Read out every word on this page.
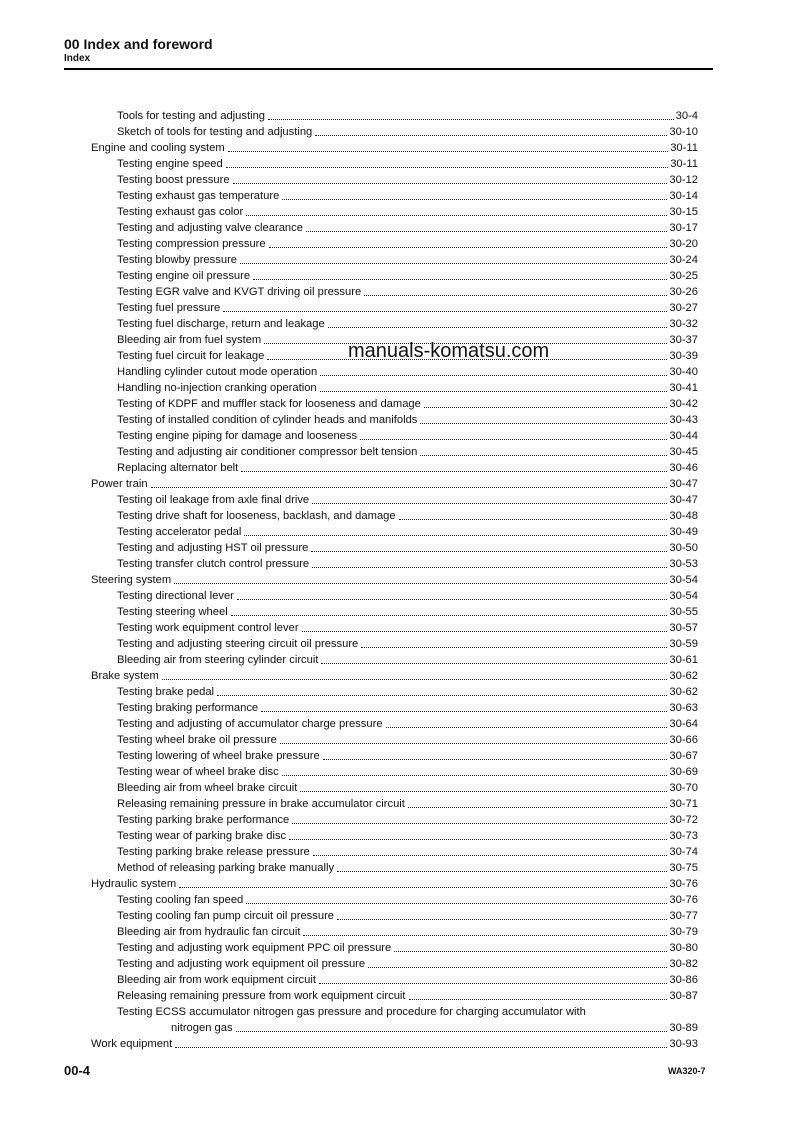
00 Index and foreword
Index
Tools for testing and adjusting	30-4
Sketch of tools for testing and adjusting	30-10
Engine and cooling system	30-11
Testing engine speed	30-11
Testing boost pressure	30-12
Testing exhaust gas temperature	30-14
Testing exhaust gas color	30-15
Testing and adjusting valve clearance	30-17
Testing compression pressure	30-20
Testing blowby pressure	30-24
Testing engine oil pressure	30-25
Testing EGR valve and KVGT driving oil pressure	30-26
Testing fuel pressure	30-27
Testing fuel discharge, return and leakage	30-32
Bleeding air from fuel system	30-37
Testing fuel circuit for leakage	30-39
Handling cylinder cutout mode operation	30-40
Handling no-injection cranking operation	30-41
Testing of KDPF and muffler stack for looseness and damage	30-42
Testing of installed condition of cylinder heads and manifolds	30-43
Testing engine piping for damage and looseness	30-44
Testing and adjusting air conditioner compressor belt tension	30-45
Replacing alternator belt	30-46
Power train	30-47
Testing oil leakage from axle final drive	30-47
Testing drive shaft for looseness, backlash, and damage	30-48
Testing accelerator pedal	30-49
Testing and adjusting HST oil pressure	30-50
Testing transfer clutch control pressure	30-53
Steering system	30-54
Testing directional lever	30-54
Testing steering wheel	30-55
Testing work equipment control lever	30-57
Testing and adjusting steering circuit oil pressure	30-59
Bleeding air from steering cylinder circuit	30-61
Brake system	30-62
Testing brake pedal	30-62
Testing braking performance	30-63
Testing and adjusting of accumulator charge pressure	30-64
Testing wheel brake oil pressure	30-66
Testing lowering of wheel brake pressure	30-67
Testing wear of wheel brake disc	30-69
Bleeding air from wheel brake circuit	30-70
Releasing remaining pressure in brake accumulator circuit	30-71
Testing parking brake performance	30-72
Testing wear of parking brake disc	30-73
Testing parking brake release pressure	30-74
Method of releasing parking brake manually	30-75
Hydraulic system	30-76
Testing cooling fan speed	30-76
Testing cooling fan pump circuit oil pressure	30-77
Bleeding air from hydraulic fan circuit	30-79
Testing and adjusting work equipment PPC oil pressure	30-80
Testing and adjusting work equipment oil pressure	30-82
Bleeding air from work equipment circuit	30-86
Releasing remaining pressure from work equipment circuit	30-87
Testing ECSS accumulator nitrogen gas pressure and procedure for charging accumulator with
nitrogen gas	30-89
Work equipment	30-93
manuals-komatsu.com
00-4	WA320-7
